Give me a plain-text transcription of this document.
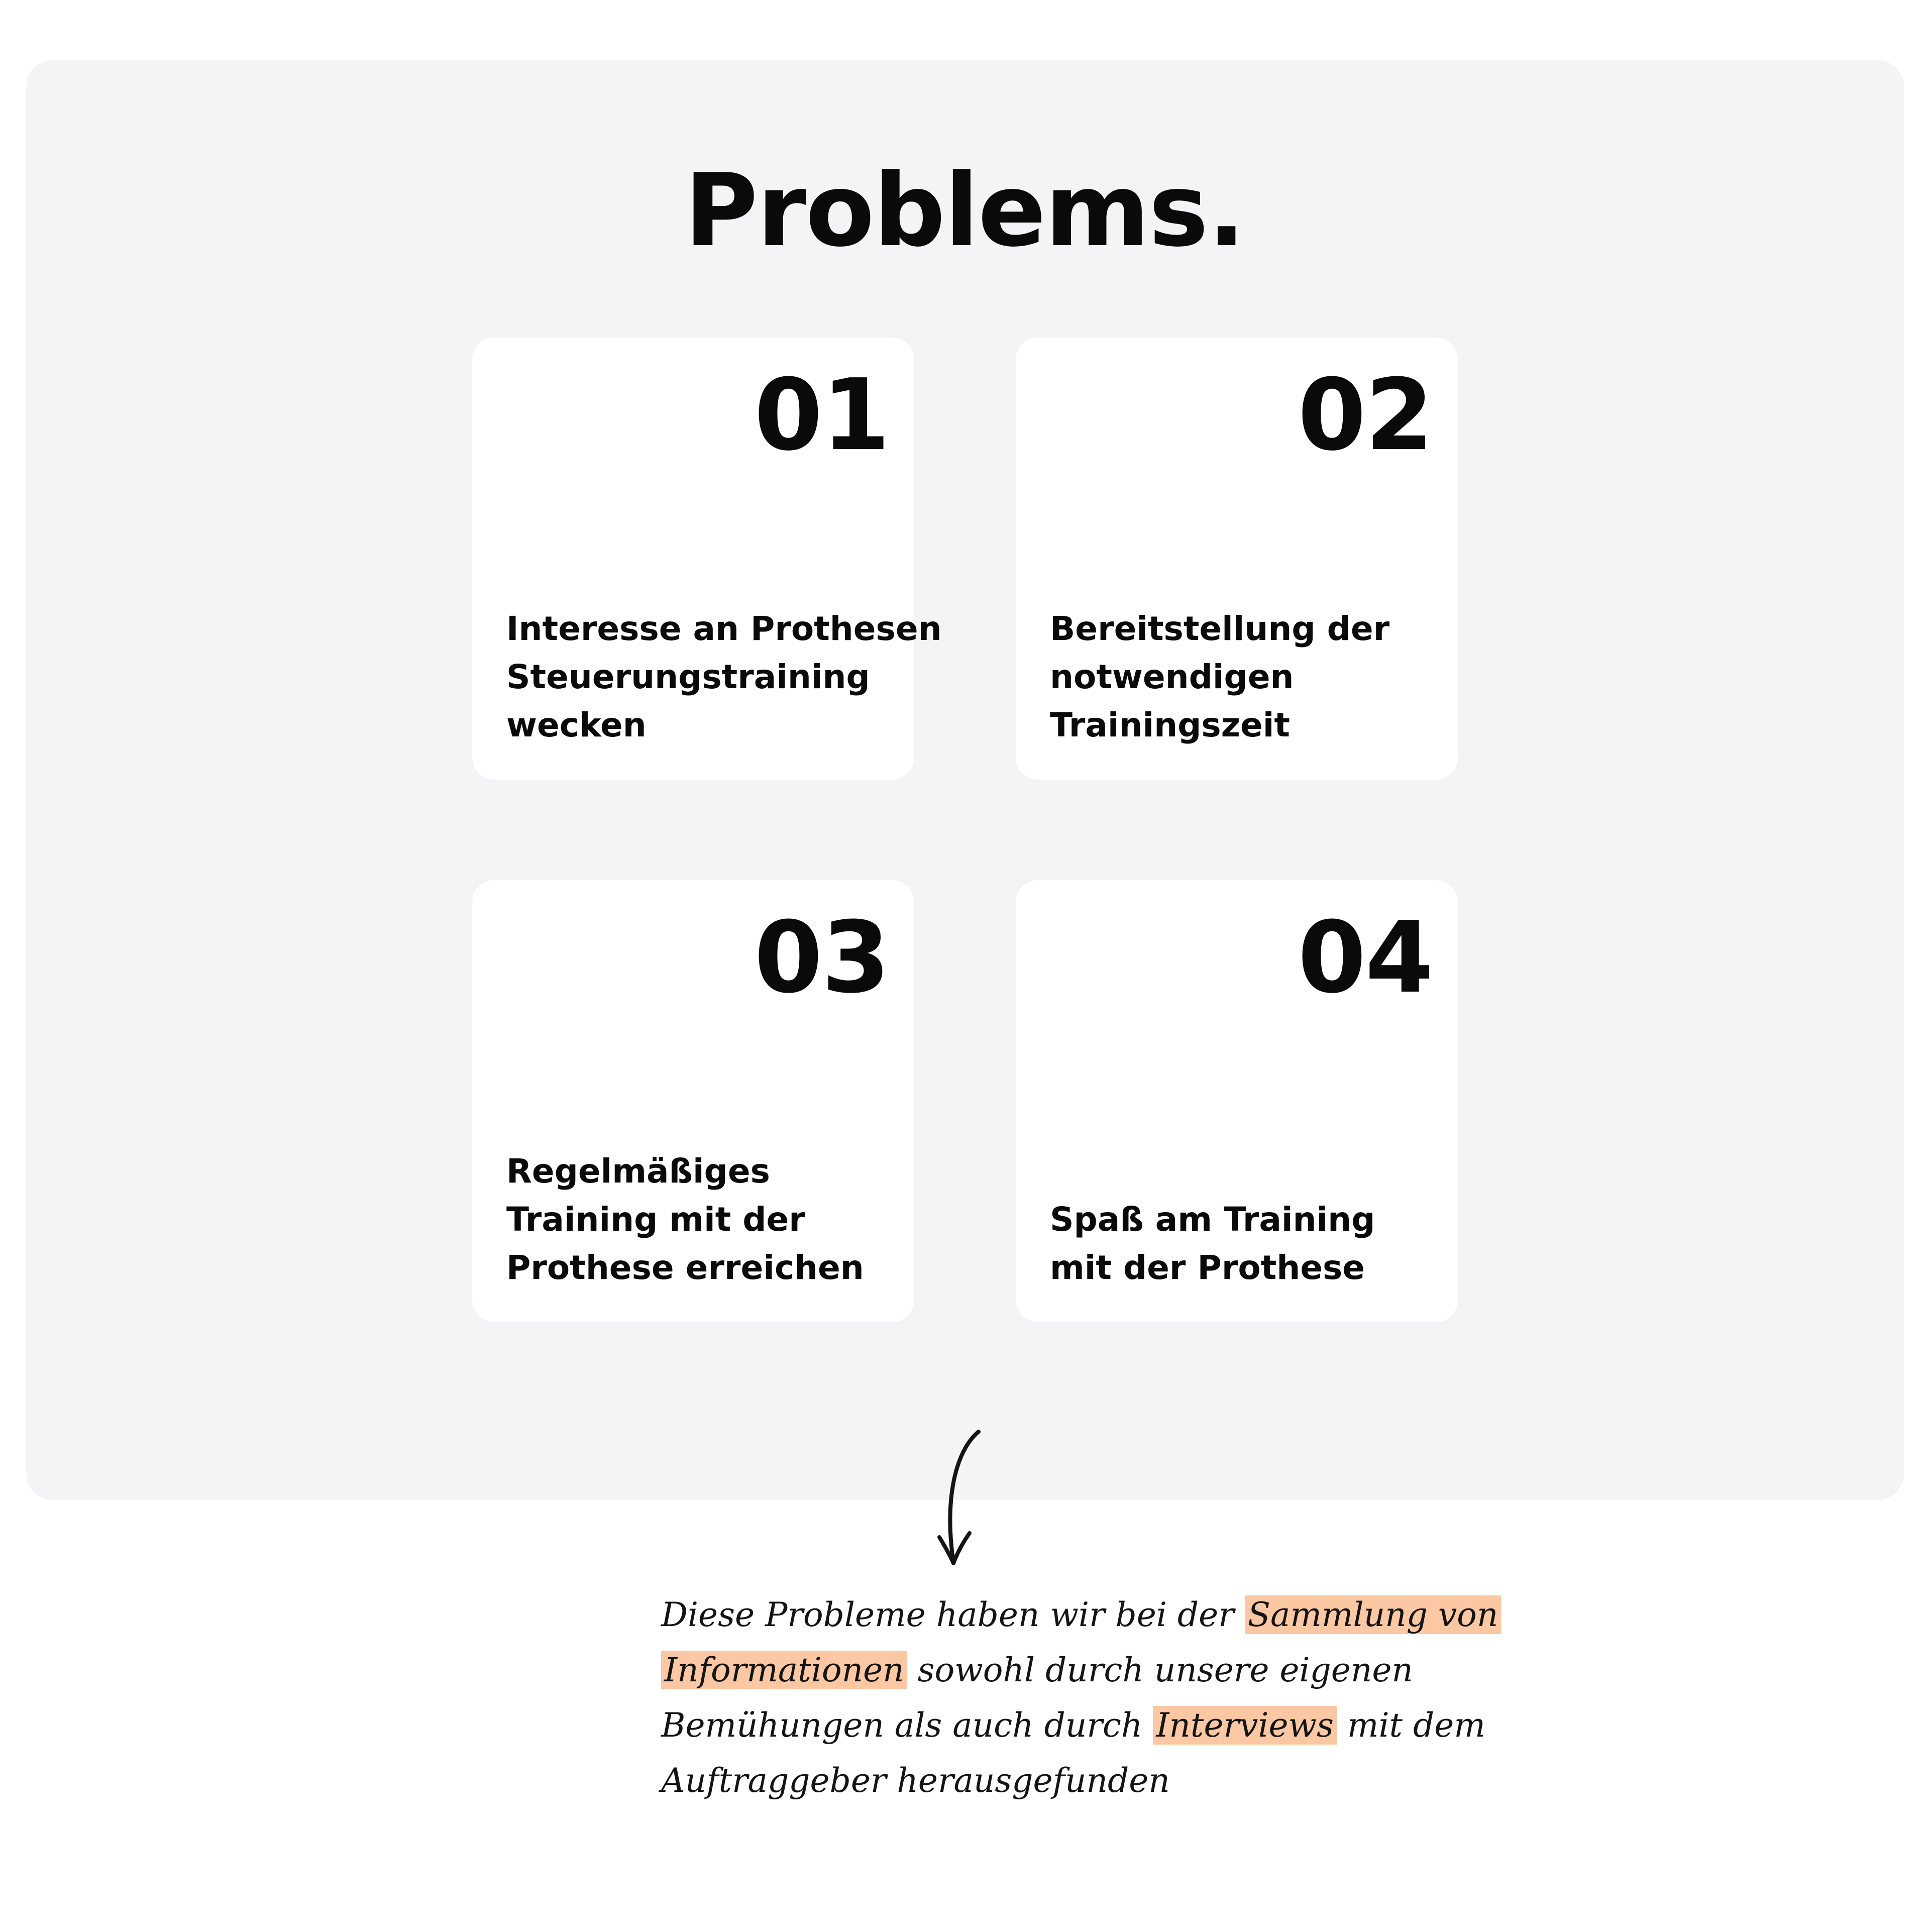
Problems.
01
Interesse an Prothesen
Steuerungstraining
wecken
02
Bereitstellung der
notwendigen
Trainingszeit
03
Regelmäßiges
Training mit der
Prothese erreichen
04
Spaß am Training
mit der Prothese
Diese Probleme haben wir bei der Sammlung von
Informationen sowohl durch unsere eigenen
Bemühungen als auch durch Interviews mit dem
Auftraggeber herausgefunden
